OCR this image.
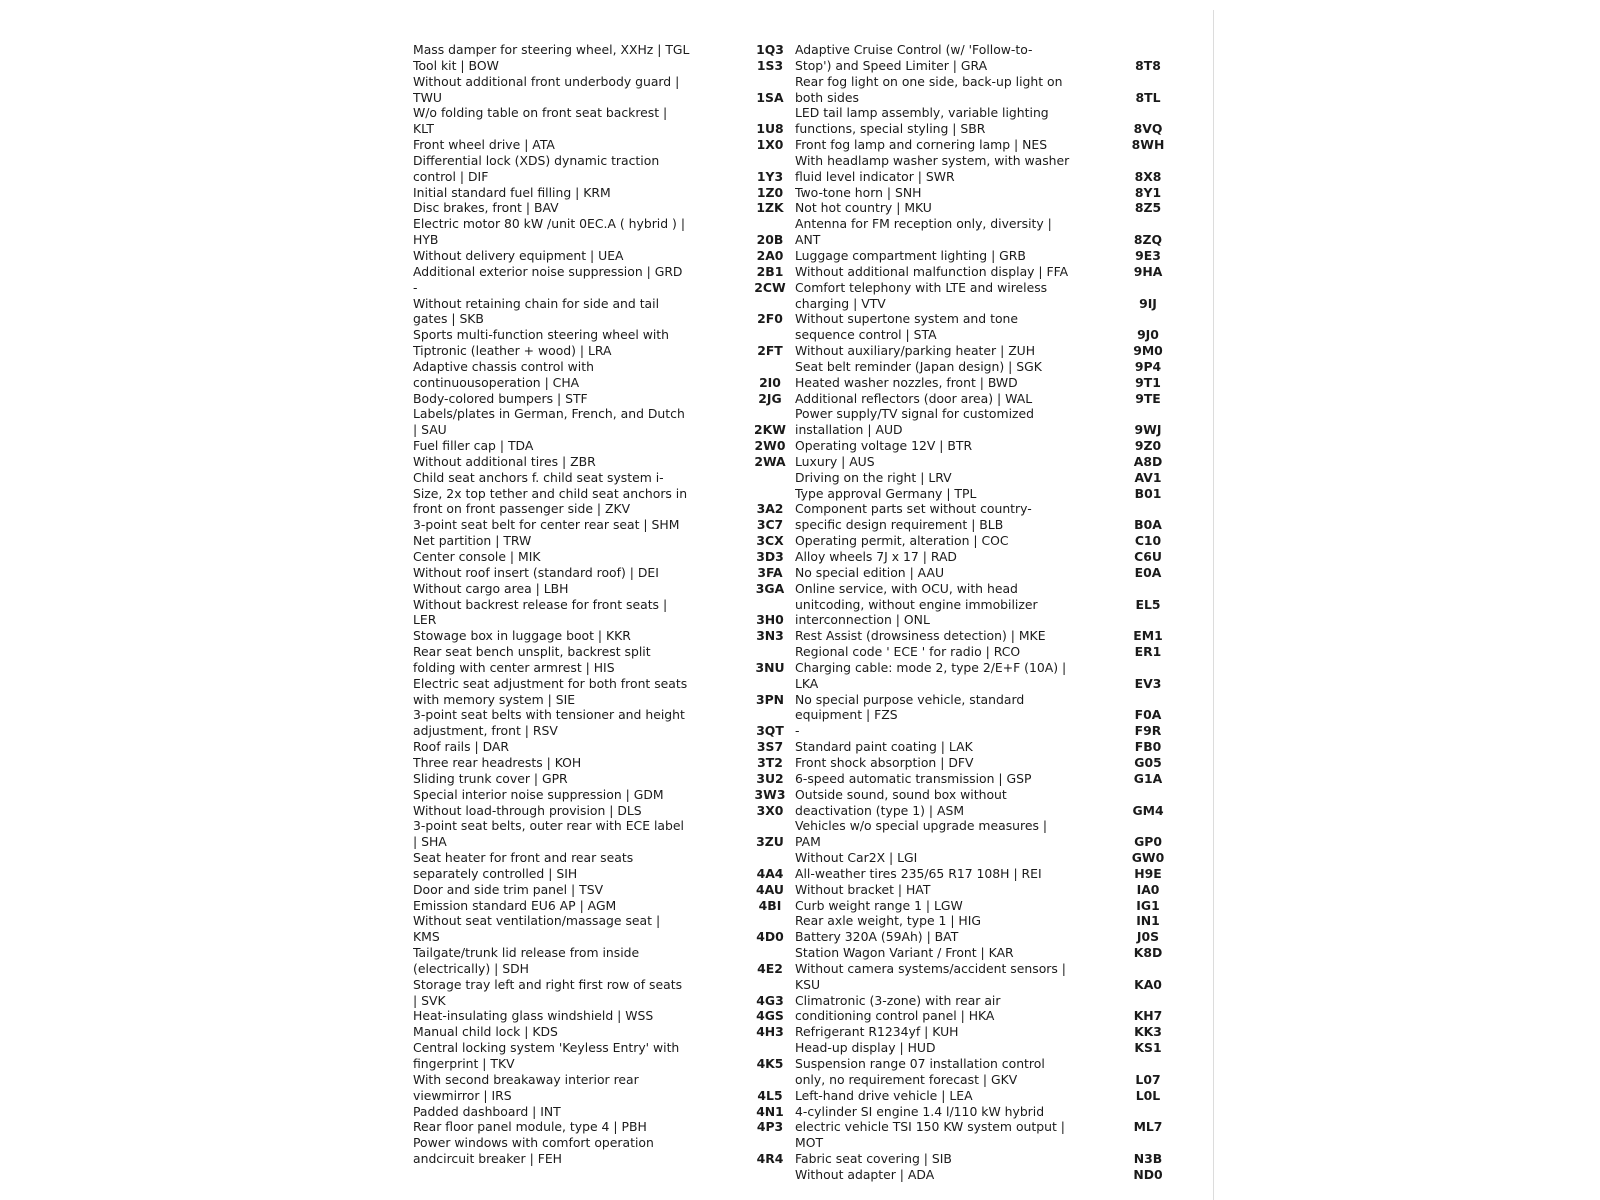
Mass damper for steering wheel, XXHz | TGL
Tool kit | BOW
Without additional front underbody guard |
TWU
W/o folding table on front seat backrest |
KLT
Front wheel drive | ATA
Differential lock (XDS) dynamic traction
control | DIF
Initial standard fuel filling | KRM
Disc brakes, front | BAV
Electric motor 80 kW /unit 0EC.A ( hybrid ) |
HYB
Without delivery equipment | UEA
Additional exterior noise suppression | GRD
-
Without retaining chain for side and tail
gates | SKB
Sports multi-function steering wheel with
Tiptronic (leather + wood) | LRA
Adaptive chassis control with
continuousoperation | CHA
Body-colored bumpers | STF
Labels/plates in German, French, and Dutch
| SAU
Fuel filler cap | TDA
Without additional tires | ZBR
Child seat anchors f. child seat system i-
Size, 2x top tether and child seat anchors in
front on front passenger side | ZKV
3-point seat belt for center rear seat | SHM
Net partition | TRW
Center console | MIK
Without roof insert (standard roof) | DEI
Without cargo area | LBH
Without backrest release for front seats |
LER
Stowage box in luggage boot | KKR
Rear seat bench unsplit, backrest split
folding with center armrest | HIS
Electric seat adjustment for both front seats
with memory system | SIE
3-point seat belts with tensioner and height
adjustment, front | RSV
Roof rails | DAR
Three rear headrests | KOH
Sliding trunk cover | GPR
Special interior noise suppression | GDM
Without load-through provision | DLS
3-point seat belts, outer rear with ECE label
| SHA
Seat heater for front and rear seats
separately controlled | SIH
Door and side trim panel | TSV
Emission standard EU6 AP | AGM
Without seat ventilation/massage seat |
KMS
Tailgate/trunk lid release from inside
(electrically) | SDH
Storage tray left and right first row of seats
| SVK
Heat-insulating glass windshield | WSS
Manual child lock | KDS
Central locking system 'Keyless Entry' with
fingerprint | TKV
With second breakaway interior rear
viewmirror | IRS
Padded dashboard | INT
Rear floor panel module, type 4 | PBH
Power windows with comfort operation
andcircuit breaker | FEH
1Q3
1S3
1SA
1U8
1X0
1Y3
1Z0
1ZK
20B
2A0
2B1
2CW
2F0
2FT
2I0
2JG
2KW
2W0
2WA
3A2
3C7
3CX
3D3
3FA
3GA
3H0
3N3
3NU
3PN
3QT
3S7
3T2
3U2
3W3
3X0
3ZU
4A4
4AU
4BI
4D0
4E2
4G3
4GS
4H3
4K5
4L5
4N1
4P3
4R4
Adaptive Cruise Control (w/ 'Follow-to-
Stop') and Speed Limiter | GRA
Rear fog light on one side, back-up light on
both sides
LED tail lamp assembly, variable lighting
functions, special styling | SBR
Front fog lamp and cornering lamp | NES
With headlamp washer system, with washer
fluid level indicator | SWR
Two-tone horn | SNH
Not hot country | MKU
Antenna for FM reception only, diversity |
ANT
Luggage compartment lighting | GRB
Without additional malfunction display | FFA
Comfort telephony with LTE and wireless
charging | VTV
Without supertone system and tone
sequence control | STA
Without auxiliary/parking heater | ZUH
Seat belt reminder (Japan design) | SGK
Heated washer nozzles, front | BWD
Additional reflectors (door area) | WAL
Power supply/TV signal for customized
installation | AUD
Operating voltage 12V | BTR
Luxury | AUS
Driving on the right | LRV
Type approval Germany | TPL
Component parts set without country-
specific design requirement | BLB
Operating permit, alteration | COC
Alloy wheels 7J x 17 | RAD
No special edition | AAU
Online service, with OCU, with head
unitcoding, without engine immobilizer
interconnection | ONL
Rest Assist (drowsiness detection) | MKE
Regional code ' ECE ' for radio | RCO
Charging cable: mode 2, type 2/E+F (10A) |
LKA
No special purpose vehicle, standard
equipment | FZS
-
Standard paint coating | LAK
Front shock absorption | DFV
6-speed automatic transmission | GSP
Outside sound, sound box without
deactivation (type 1) | ASM
Vehicles w/o special upgrade measures |
PAM
Without Car2X | LGI
All-weather tires 235/65 R17 108H | REI
Without bracket | HAT
Curb weight range 1 | LGW
Rear axle weight, type 1 | HIG
Battery 320A (59Ah) | BAT
Station Wagon Variant / Front | KAR
Without camera systems/accident sensors |
KSU
Climatronic (3-zone) with rear air
conditioning control panel | HKA
Refrigerant R1234yf | KUH
Head-up display | HUD
Suspension range 07 installation control
only, no requirement forecast | GKV
Left-hand drive vehicle | LEA
4-cylinder SI engine 1.4 l/110 kW hybrid
electric vehicle TSI 150 KW system output |
MOT
Fabric seat covering | SIB
Without adapter | ADA
8T8
8TL
8VQ
8WH
8X8
8Y1
8Z5
8ZQ
9E3
9HA
9IJ
9J0
9M0
9P4
9T1
9TE
9WJ
9Z0
A8D
AV1
B01
B0A
C10
C6U
E0A
EL5
EM1
ER1
EV3
F0A
F9R
FB0
G05
G1A
GM4
GP0
GW0
H9E
IA0
IG1
IN1
J0S
K8D
KA0
KH7
KK3
KS1
L07
L0L
ML7
N3B
ND0
